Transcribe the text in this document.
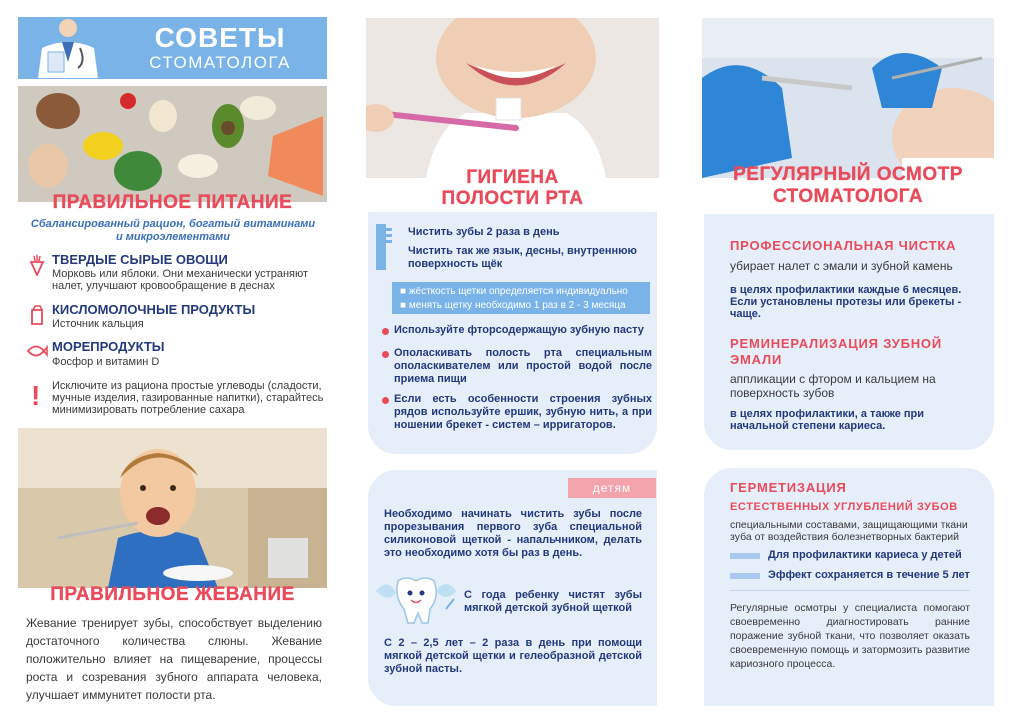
СОВЕТЫ
СТОМАТОЛОГА
ПРАВИЛЬНОЕ ПИТАНИЕ
Сбалансированный рацион, богатый витаминами и микроэлементами
ТВЕРДЫЕ СЫРЫЕ ОВОЩИ
Морковь или яблоки. Они механически устраняют налет, улучшают кровообращение в деснах
КИСЛОМОЛОЧНЫЕ ПРОДУКТЫ
Источник кальция
МОРЕПРОДУКТЫ
Фосфор и витамин D
! Исключите из рациона простые углеводы (сладости, мучные изделия, газированные напитки), старайтесь минимизировать потребление сахара
ПРАВИЛЬНОЕ ЖЕВАНИЕ
Жевание тренирует зубы, способствует выделению достаточного количества слюны. Жевание положительно влияет на пищеварение, процессы роста и созревания зубного аппарата человека, улучшает иммунитет полости рта.
ГИГИЕНА
ПОЛОСТИ РТА
Чистить зубы 2 раза в день
Чистить так же язык, десны, внутреннюю поверхность щёк
■ жёсткость щетки определяется индивидуально
■ менять щетку необходимо 1 раз в 2 - 3 месяца
Используйте фторсодержащую зубную пасту
Ополаскивать полость рта специальным ополаскивателем или простой водой после приема пищи
Если есть особенности строения зубных рядов используйте ершик, зубную нить, а при ношении брекет - систем – ирригаторов.
детям
Необходимо начинать чистить зубы после прорезывания первого зуба специальной силиконовой щеткой - напальчником, делать это необходимо хотя бы раз в день.
С года ребенку чистят зубы мягкой детской зубной щеткой
С 2 – 2,5 лет – 2 раза в день при помощи мягкой детской щетки и гелеобразной детской зубной пасты.
РЕГУЛЯРНЫЙ ОСМОТР
СТОМАТОЛОГА
ПРОФЕССИОНАЛЬНАЯ ЧИСТКА
убирает налет с эмали и зубной камень
в целях профилактики каждые 6 месяцев. Если установлены протезы или брекеты - чаще.
РЕМИНЕРАЛИЗАЦИЯ ЗУБНОЙ
ЭМАЛИ
аппликации с фтором и кальцием на поверхность зубов
в целях профилактики, а также при начальной степени кариеса.
ГЕРМЕТИЗАЦИЯ
ЕСТЕСТВЕННЫХ УГЛУБЛЕНИЙ ЗУБОВ
специальными составами, защищающими ткани зуба от воздействия болезнетворных бактерий
Для профилактики кариеса у детей
Эффект сохраняется в течение 5 лет
Регулярные осмотры у специалиста помогают своевременно диагностировать ранние поражение зубной ткани, что позволяет оказать своевременную помощь и затормозить развитие кариозного процесса.
